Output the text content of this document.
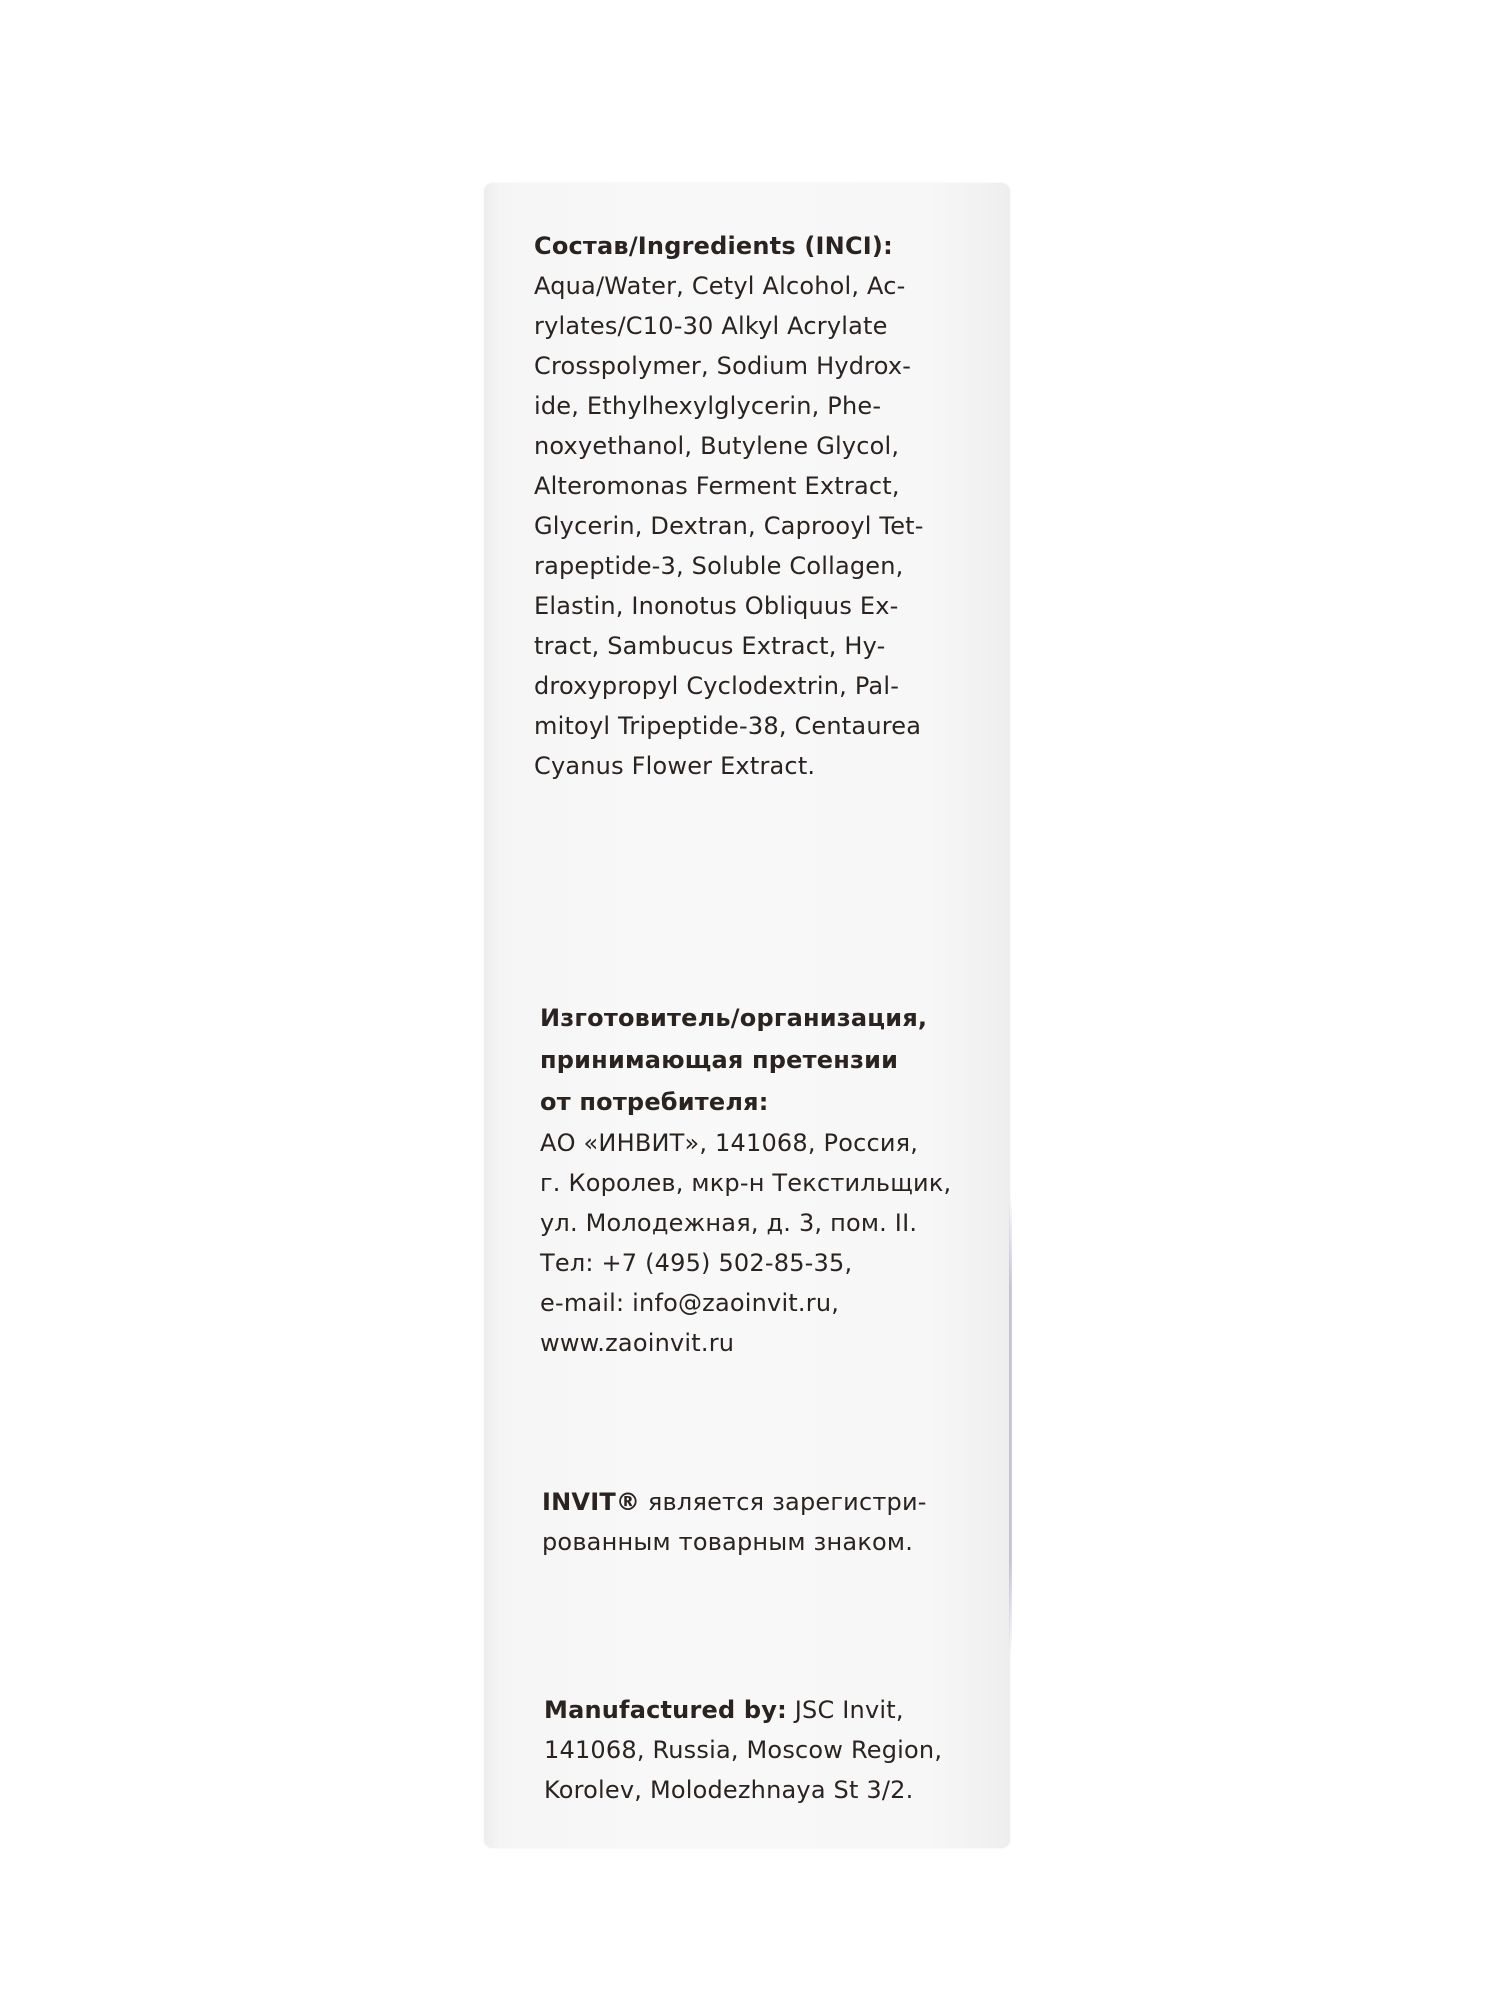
Состав/Ingredients (INCI):
Aqua/Water, Cetyl Alcohol, Ac-
rylates/C10-30 Alkyl Acrylate
Crosspolymer, Sodium Hydrox-
ide, Ethylhexylglycerin, Phe-
noxyethanol, Butylene Glycol,
Alteromonas Ferment Extract,
Glycerin, Dextran, Caprooyl Tet-
rapeptide-3, Soluble Collagen,
Elastin, Inonotus Obliquus Ex-
tract, Sambucus Extract, Hy-
droxypropyl Cyclodextrin, Pal-
mitoyl Tripeptide-38, Centaurea
Cyanus Flower Extract.
Изготовитель/организация,
принимающая претензии
от потребителя:
АО «ИНВИТ», 141068, Россия,
г. Королев, мкр-н Текстильщик,
ул. Молодежная, д. 3, пом. II.
Тел: +7 (495) 502-85-35,
e-mail: info@zaoinvit.ru,
www.zaoinvit.ru
INVIT® является зарегистри-
рованным товарным знаком.
Manufactured by: JSC Invit,
141068, Russia, Moscow Region,
Korolev, Molodezhnaya St 3/2.
